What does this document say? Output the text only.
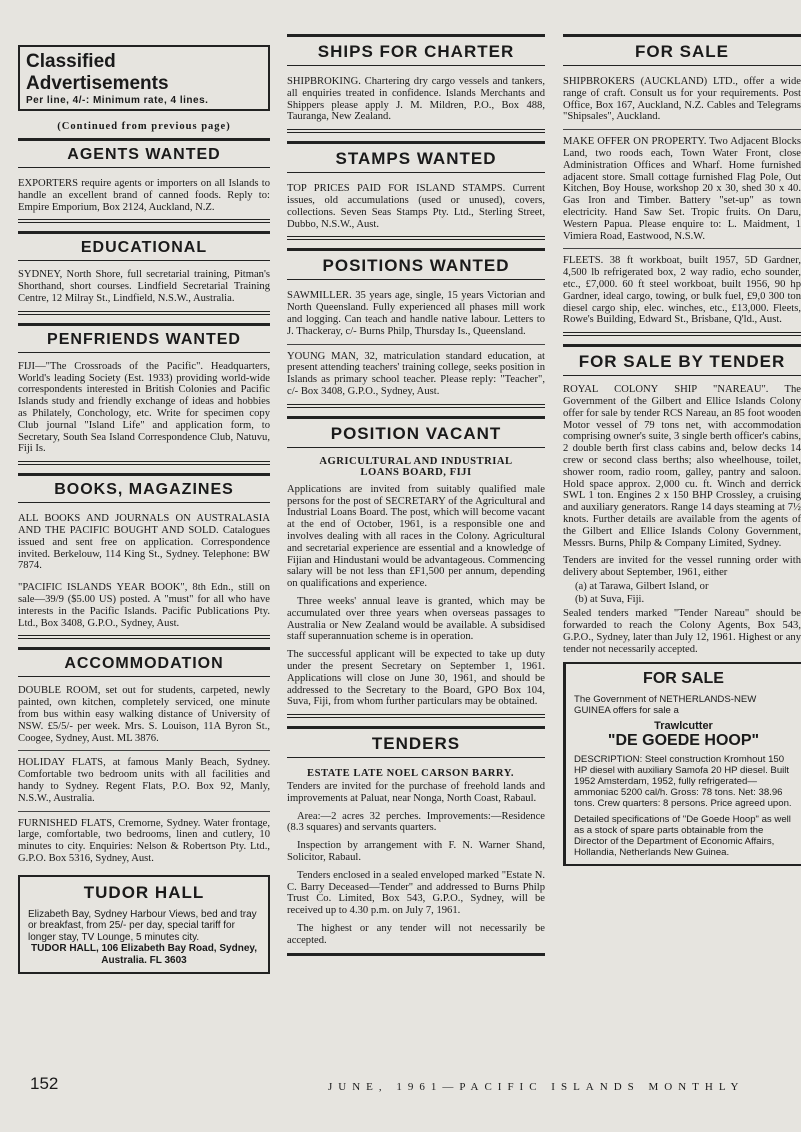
Classified Advertisements
Per line, 4/-: Minimum rate, 4 lines.
(Continued from previous page)
AGENTS WANTED

EXPORTERS require agents or importers on all Islands to handle an excellent brand of canned foods. Reply to: Empire Emporium, Box 2124, Auckland, N.Z.

EDUCATIONAL

SYDNEY, North Shore, full secretarial training, Pitman's Shorthand, short courses. Lindfield Secretarial Training Centre, 12 Milray St., Lindfield, N.S.W., Australia.

PENFRIENDS WANTED

FIJI—"The Crossroads of the Pacific". Headquarters, World's leading Society (Est. 1933) providing world-wide correspondents interested in British Colonies and Pacific Islands study and friendly exchange of ideas and hobbies as Philately, Conchology, etc. Write for specimen copy Club journal "Island Life" and application form, to Secretary, South Sea Island Correspondence Club, Natuvu, Fiji Is.

BOOKS, MAGAZINES

ALL BOOKS AND JOURNALS ON AUSTRALASIA AND THE PACIFIC BOUGHT AND SOLD. Catalogues issued and sent free on application. Correspondence invited. Berkelouw, 114 King St., Sydney. Telephone: BW 7874.

"PACIFIC ISLANDS YEAR BOOK", 8th Edn., still on sale—39/9 ($5.00 US) posted. A "must" for all who have interests in the Pacific Islands. Pacific Publications Pty. Ltd., Box 3408, G.P.O., Sydney, Aust.

ACCOMMODATION

DOUBLE ROOM, set out for students, carpeted, newly painted, own kitchen, completely serviced, one minute from bus within easy walking distance of University of NSW. £5/5/- per week. Mrs. S. Louison, 11A Byron St., Coogee, Sydney, Aust. ML 3876.

HOLIDAY FLATS, at famous Manly Beach, Sydney. Comfortable two bedroom units with all facilities and handy to Sydney. Regent Flats, P.O. Box 92, Manly, N.S.W., Australia.

FURNISHED FLATS, Cremorne, Sydney. Water frontage, large, comfortable, two bedrooms, linen and cutlery, 10 minutes to city. Enquiries: Nelson & Robertson Pty. Ltd., G.P.O. Box 5316, Sydney, Aust.

TUDOR HALL
Elizabeth Bay, Sydney Harbour Views, bed and tray or breakfast, from 25/- per day, special tariff for longer stay, TV Lounge, 5 minutes city.
TUDOR HALL, 106 Elizabeth Bay Road, Sydney, Australia. FL 3603
SHIPS FOR CHARTER

SHIPBROKING. Chartering dry cargo vessels and tankers, all enquiries treated in confidence. Islands Merchants and Shippers please apply J. M. Mildren, P.O., Box 488, Tauranga, New Zealand.

STAMPS WANTED

TOP PRICES PAID FOR ISLAND STAMPS. Current issues, old accumulations (used or unused), covers, collections. Seven Seas Stamps Pty. Ltd., Sterling Street, Dubbo, N.S.W., Aust.

POSITIONS WANTED

SAWMILLER. 35 years age, single, 15 years Victorian and North Queensland. Fully experienced all phases mill work and logging. Can teach and handle native labour. Letters to J. Thackeray, c/- Burns Philp, Thursday Is., Queensland.

YOUNG MAN, 32, matriculation standard education, at present attending teachers' training college, seeks position in Islands as primary school teacher. Please reply: "Teacher", c/- Box 3408, G.P.O., Sydney, Aust.

POSITION VACANT
AGRICULTURAL AND INDUSTRIAL LOANS BOARD, FIJI

Applications are invited from suitably qualified male persons for the post of SECRETARY of the Agricultural and Industrial Loans Board. The post, which will become vacant at the end of October, 1961, is a responsible one and involves dealing with all races in the Colony. Agricultural and secretarial experience are essential and a knowledge of Fijian and Hindustani would be advantageous. Commencing salary will be not less than £F1,500 per annum, depending on qualifications and experience.

Three weeks' annual leave is granted, which may be accumulated over three years when overseas passages to Australia or New Zealand would be available. A subsidised staff superannuation scheme is in operation.

The successful applicant will be expected to take up duty under the present Secretary on September 1, 1961. Applications will close on June 30, 1961, and should be addressed to the Secretary to the Board, GPO Box 104, Suva, Fiji, from whom further particulars may be obtained.

TENDERS
ESTATE LATE NOEL CARSON BARRY.

Tenders are invited for the purchase of freehold lands and improvements at Paluat, near Nonga, North Coast, Rabaul.

Area:—2 acres 32 perches. Improvements:—Residence (8.3 squares) and servants quarters.

Inspection by arrangement with F. N. Warner Shand, Solicitor, Rabaul.

Tenders enclosed in a sealed enveloped marked "Estate N. C. Barry Deceased—Tender" and addressed to Burns Philp Trust Co. Limited, Box 543, G.P.O., Sydney, will be received up to 4.30 p.m. on July 7, 1961.

The highest or any tender will not necessarily be accepted.

FOR SALE

SHIPBROKERS (AUCKLAND) LTD., offer a wide range of craft. Consult us for your requirements. Post Office, Box 167, Auckland, N.Z. Cables and Telegrams "Shipsales", Auckland.

MAKE OFFER ON PROPERTY. Two Adjacent Blocks Land, two roods each, Town Water Front, close Administration Offices and Wharf. Home furnished adjacent store. Small cottage furnished Flag Pole, Out Kitchen, Boy House, workshop 20 x 30, shed 30 x 40. Gas Iron and Timber. Battery "set-up" as town electricity. Hand Saw Set. Tropic fruits. On Daru, Western Papua. Please enquire to: L. Maidment, 1 Vimiera Road, Eastwood, N.S.W.

FLEETS. 38 ft workboat, built 1957, 5D Gardner, 4,500 lb refrigerated box, 2 way radio, echo sounder, etc., £7,000. 60 ft steel workboat, built 1956, 90 hp Gardner, ideal cargo, towing, or bulk fuel, £9,0 300 ton diesel cargo ship, elec. winches, etc., £13,000. Fleets, Rowe's Building, Edward St., Brisbane, Q'ld., Aust.

FOR SALE BY TENDER

ROYAL COLONY SHIP "NAREAU". The Government of the Gilbert and Ellice Islands Colony offer for sale by tender RCS Nareau, an 85 foot wooden Motor vessel of 79 tons net, with accommodation comprising owner's suite, 3 single berth officer's cabins, 2 double berth first class cabins and, below decks 14 crew or second class berths; also wheelhouse, toilet, shower room, radio room, galley, pantry and saloon. Hold space approx. 2,000 cu. ft. Winch and derrick SWL 1 ton. Engines 2 x 150 BHP Crossley, a cruising and auxiliary generators. Range 14 days steaming at 7½ knots. Further details are available from the agents of the Gilbert and Ellice Islands Colony Government, Messrs. Burns, Philp & Company Limited, Sydney.

Tenders are invited for the vessel running order with delivery about September, 1961, either

(a) at Tarawa, Gilbert Island, or

(b) at Suva, Fiji.

Sealed tenders marked "Tender Nareau" should be forwarded to reach the Colony Agents, Box 543, G.P.O., Sydney, later than July 12, 1961. Highest or any tender not necessarily accepted.

FOR SALE
The Government of NETHERLANDS-NEW GUINEA offers for sale a
Trawlcutter
"DE GOEDE HOOP"
DESCRIPTION: Steel construction Kromhout 150 HP diesel with auxiliary Samofa 20 HP diesel. Built 1952 Amsterdam, 1952, fully refrigerated—ammoniac 5200 cal/h. Gross: 78 tons. Net: 38.96 tons. Crew quarters: 8 persons. Price agreed upon.
Detailed specifications of "De Goede Hoop" as well as a stock of spare parts obtainable from the Director of the Department of Economic Affairs, Hollandia, Netherlands New Guinea.
152	JUNE, 1961—PACIFIC ISLANDS MONTHLY
